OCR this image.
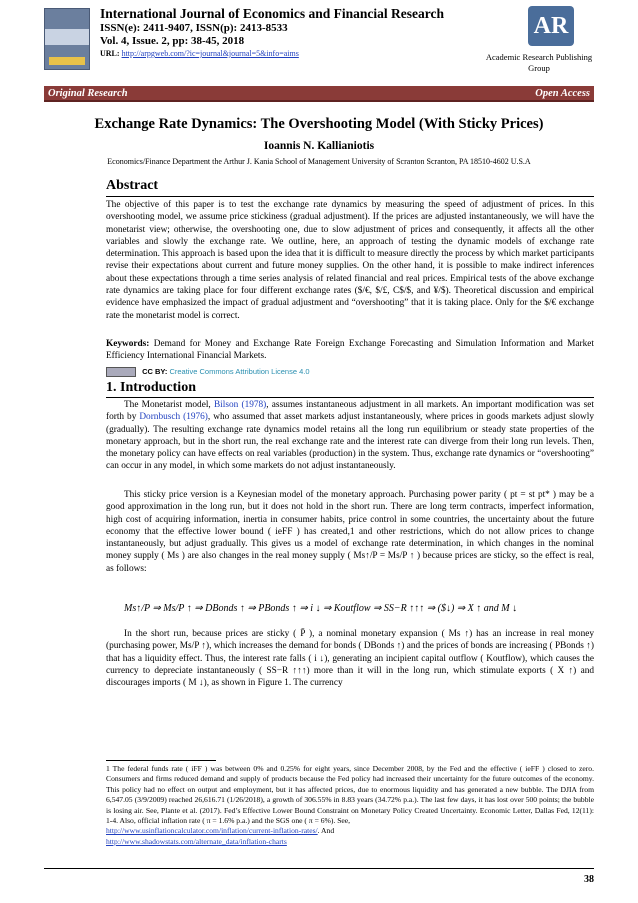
International Journal of Economics and Financial Research
ISSN(e): 2411-9407, ISSN(p): 2413-8533
Vol. 4, Issue. 2, pp: 38-45, 2018
URL: http://arpgweb.com/?ic=journal&journal=5&info=aims
AR
Academic Research Publishing Group
Original Research	Open Access
Exchange Rate Dynamics: The Overshooting Model (With Sticky Prices)
Ioannis N. Kallianiotis
Economics/Finance Department the Arthur J. Kania School of Management University of Scranton Scranton, PA 18510-4602 U.S.A
Abstract
The objective of this paper is to test the exchange rate dynamics by measuring the speed of adjustment of prices. In this overshooting model, we assume price stickiness (gradual adjustment). If the prices are adjusted instantaneously, we will have the monetarist view; otherwise, the overshooting one, due to slow adjustment of prices and consequently, it affects all the other variables and slowly the exchange rate. We outline, here, an approach of testing the dynamic models of exchange rate determination. This approach is based upon the idea that it is difficult to measure directly the process by which market participants revise their expectations about current and future money supplies. On the other hand, it is possible to make indirect inferences about these expectations through a time series analysis of related financial and real prices. Empirical tests of the above exchange rate dynamics are taking place for four different exchange rates ($/€, $/£, C$/$, and ¥/$). Theoretical discussion and empirical evidence have emphasized the impact of gradual adjustment and “overshooting” that it is taking place. Only for the $/€ exchange rate the monetarist model is correct.
Keywords: Demand for Money and Exchange Rate Foreign Exchange Forecasting and Simulation Information and Market Efficiency International Financial Markets.
CC BY: Creative Commons Attribution License 4.0
1. Introduction
The Monetarist model, Bilson (1978), assumes instantaneous adjustment in all markets. An important modification was set forth by Dornbusch (1976), who assumed that asset markets adjust instantaneously, where prices in goods markets adjust slowly (gradually). The resulting exchange rate dynamics model retains all the long run equilibrium or steady state properties of the monetary approach, but in the short run, the real exchange rate and the interest rate can diverge from their long run levels. Then, the monetary policy can have effects on real variables (production) in the system. Thus, exchange rate dynamics or “overshooting” can occur in any model, in which some markets do not adjust instantaneously.
This sticky price version is a Keynesian model of the monetary approach. Purchasing power parity ( pt = st pt* ) may be a good approximation in the long run, but it does not hold in the short run. There are long term contracts, imperfect information, high cost of acquiring information, inertia in consumer habits, price control in some countries, the uncertainty about the future economy that the effective lower bound ( ieFF ) has created,1 and other restrictions, which do not allow prices to change instantaneously, but adjust gradually. This gives us a model of exchange rate determination, in which changes in the nominal money supply ( Ms ) are also changes in the real money supply ( Ms↑/P = Ms/P ↑ ) because prices are sticky, so the effect is real, as follows:
Ms↑/P ⇒ Ms/P ↑ ⇒ DBonds ↑ ⇒ PBonds ↑ ⇒ i ↓ ⇒ Koutflow ⇒ SS−R ↑↑↑ ⇒ ($↓) ⇒ X ↑ and M ↓
In the short run, because prices are sticky ( P̄ ), a nominal monetary expansion ( Ms ↑) has an increase in real money (purchasing power, Ms/P ↑), which increases the demand for bonds ( DBonds ↑) and the prices of bonds are increasing ( PBonds ↑) that has a liquidity effect. Thus, the interest rate falls ( i ↓), generating an incipient capital outflow ( Koutflow), which causes the currency to depreciate instantaneously ( SS−R ↑↑↑) more than it will in the long run, which stimulate exports ( X ↑) and discourages imports ( M ↓), as shown in Figure 1. The currency
1 The federal funds rate ( iFF ) was between 0% and 0.25% for eight years, since December 2008, by the Fed and the effective ( ieFF ) closed to zero. Consumers and firms reduced demand and supply of products because the Fed policy had increased their uncertainty for the future outcomes of the economy. This policy had no effect on output and employment, but it has affected prices, due to enormous liquidity and has generated a new bubble. The DJIA from 6,547.05 (3/9/2009) reached 26,616.71 (1/26/2018), a growth of 306.55% in 8.83 years (34.72% p.a.). The last few days, it has lost over 500 points; the bubble is losing air. See, Plante et al. (2017). Fed’s Effective Lower Bound Constraint on Monetary Policy Created Uncertainty. Economic Letter, Dallas Fed, 12(11): 1-4. Also, official inflation rate ( π = 1.6% p.a.) and the SGS one ( π = 6%). See,
http://www.usinflationcalculator.com/inflation/current-inflation-rates/. And
http://www.shadowstats.com/alternate_data/inflation-charts
38
